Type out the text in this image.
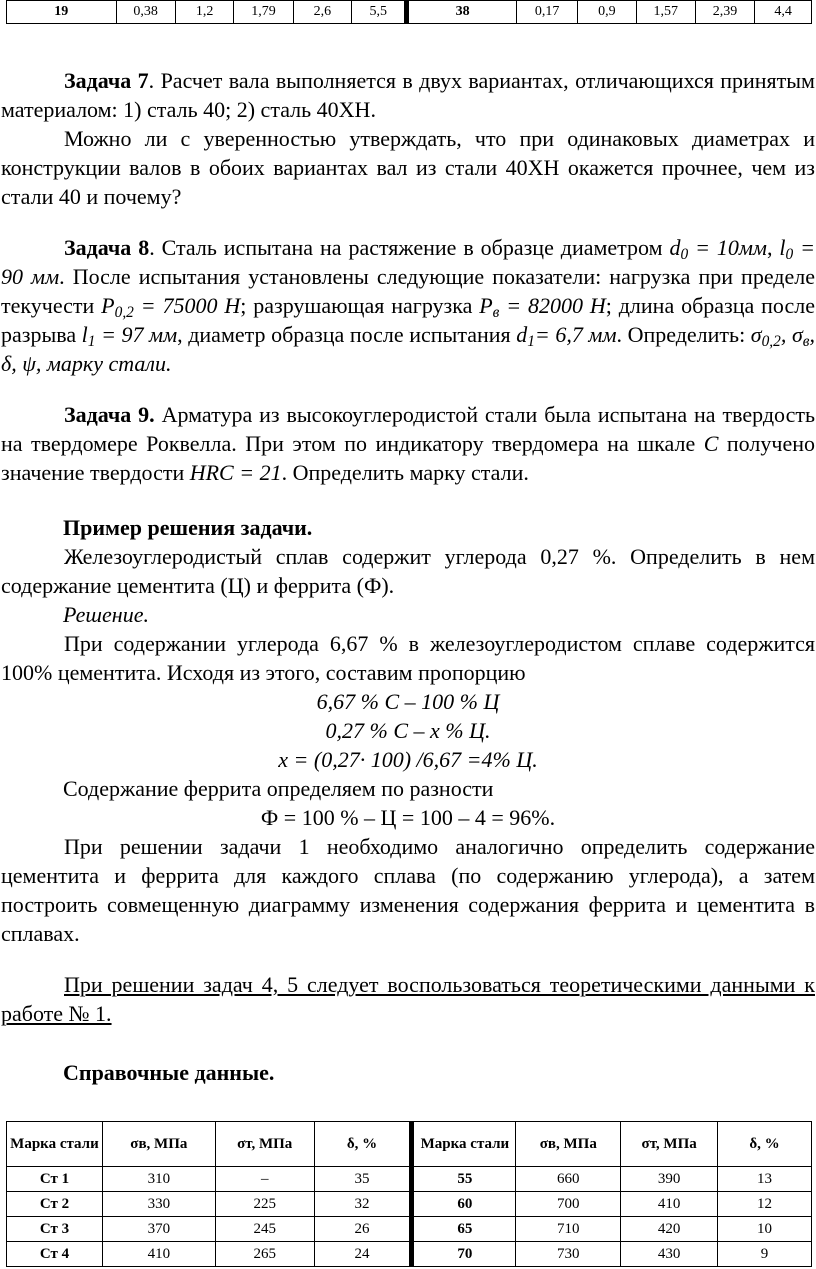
19	0,38	1,2	1,79	2,6	5,5	38	0,17	0,9	1,57	2,39	4,4
Задача 7. Расчет вала выполняется в двух вариантах, отличающихся принятым материалом: 1) сталь 40; 2) сталь 40ХН.
Можно ли с уверенностью утверждать, что при одинаковых диаметрах и конструкции валов в обоих вариантах вал из стали 40ХН окажется прочнее, чем из стали 40 и почему?
Задача 8. Сталь испытана на растяжение в образце диаметром $d_0 = 10мм$, $l_0 = 90$ мм. После испытания установлены следующие показатели: нагрузка при пределе текучести $P_{0,2} = 75000$ Н; разрушающая нагрузка $P_в = 82000$ Н; длина образца после разрыва $l_1 = 97$ мм, диаметр образца после испытания $d_1= 6,7$ мм. Определить: $\sigma_{0,2}$, $\sigma_в$, δ, ψ, марку стали.
Задача 9. Арматура из высокоуглеродистой стали была испытана на твердость на твердомере Роквелла. При этом по индикатору твердомера на шкале С получено значение твердости HRC = 21. Определить марку стали.
Пример решения задачи.
Железоуглеродистый сплав содержит углерода 0,27 %. Определить в нем содержание цементита (Ц) и феррита (Ф).
Решение.
При содержании углерода 6,67 % в железоуглеродистом сплаве содержится 100% цементита. Исходя из этого, составим пропорцию
6,67 % С – 100 % Ц
0,27 % С – x % Ц.
x = (0,27· 100) /6,67 =4% Ц.
Содержание феррита определяем по разности
Ф = 100 % – Ц = 100 – 4 = 96%.
При решении задачи 1 необходимо аналогично определить содержание цементита и феррита для каждого сплава (по содержанию углерода), а затем построить совмещенную диаграмму изменения содержания феррита и цементита в сплавах.
При решении задач 4, 5 следует воспользоваться теоретическими данными к работе № 1.
Справочные данные.
Марка стали	σв, МПа	σт, МПа	δ, %	Марка стали	σв, МПа	σт, МПа	δ, %
Ст 1	310	–	35	55	660	390	13
Ст 2	330	225	32	60	700	410	12
Ст 3	370	245	26	65	710	420	10
Ст 4	410	265	24	70	730	430	9
